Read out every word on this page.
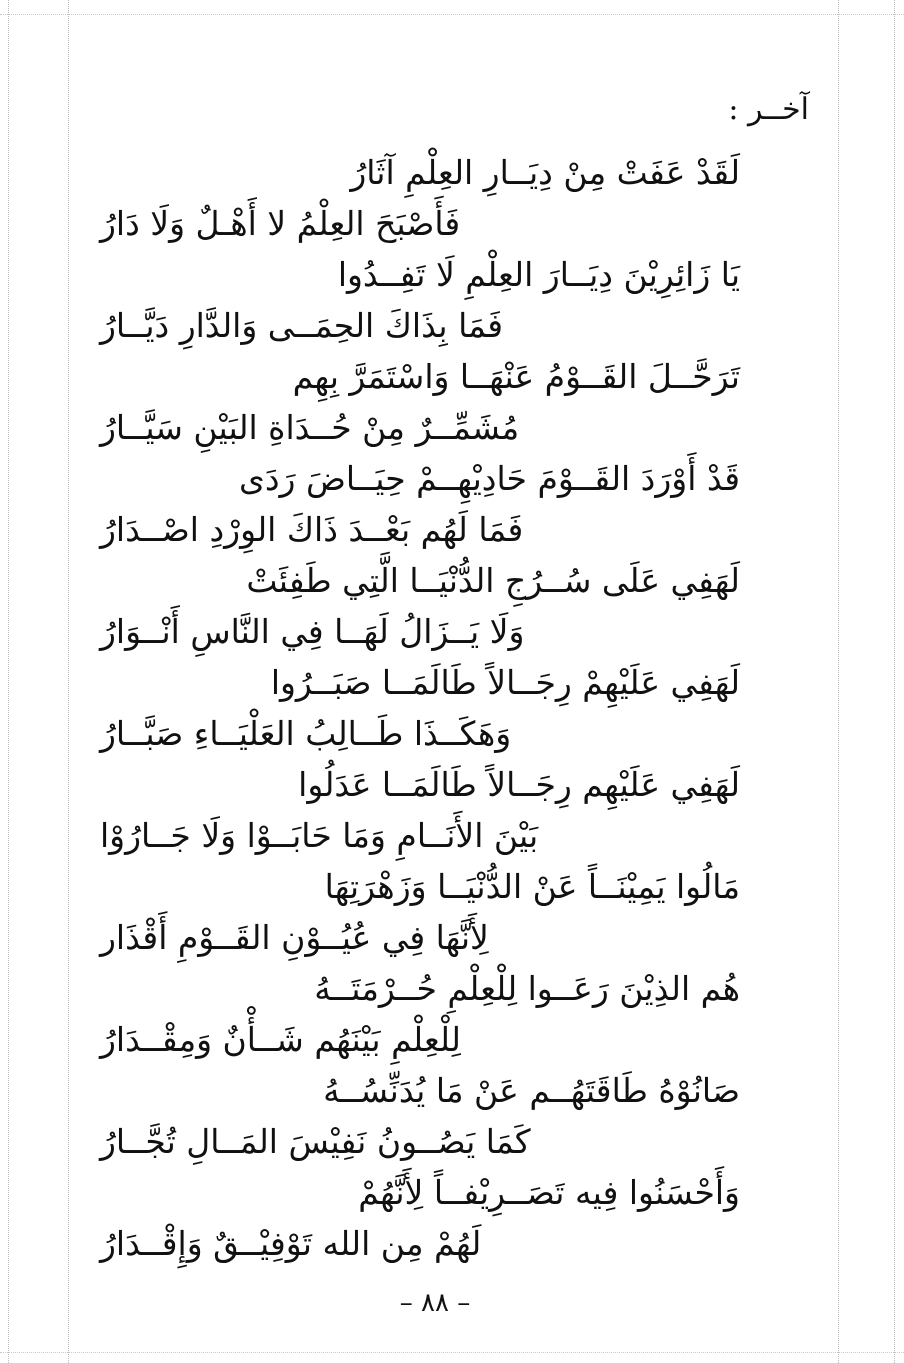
آخــر :
لَقَدْ عَفَتْ مِنْ دِيَــارِ العِلْمِ آثَارُ
فَأَصْبَحَ العِلْمُ لا أَهْـلٌ وَلَا دَارُ
يَا زَائِرِيْنَ دِيَــارَ العِلْمِ لَا تَفِــدُوا
فَمَا بِذَاكَ الحِمَــى وَالدَّارِ دَيَّــارُ
تَرَحَّــلَ القَــوْمُ عَنْهَــا وَاسْتَمَرَّ بِهِم
مُشَمِّــرٌ مِنْ حُــدَاةِ البَيْنِ سَيَّــارُ
قَدْ أَوْرَدَ القَــوْمَ حَادِيْهِــمْ حِيَــاضَ رَدَى
فَمَا لَهُم بَعْــدَ ذَاكَ الوِرْدِ اصْــدَارُ
لَهَفِي عَلَى سُــرُجِ الدُّنْيَــا الَّتِي طَفِئَتْ
وَلَا يَــزَالُ لَهَــا فِي النَّاسِ أَنْــوَارُ
لَهَفِي عَلَيْهِمْ رِجَــالاً طَالَمَــا صَبَــرُوا
وَهَكَــذَا طَــالِبُ العَلْيَــاءِ صَبَّــارُ
لَهَفِي عَلَيْهِم رِجَــالاً طَالَمَــا عَدَلُوا
بَيْنَ الأَنَــامِ وَمَا حَابَــوْا وَلَا جَــارُوْا
مَالُوا يَمِيْنَــاً عَنْ الدُّنْيَــا وَزَهْرَتِهَا
لِأَنَّهَا فِي عُيُــوْنِ القَــوْمِ أَقْذَار
هُم الذِيْنَ رَعَــوا لِلْعِلْمِ حُــرْمَتَــهُ
لِلْعِلْمِ بَيْنَهُم شَــأْنٌ وَمِقْــدَارُ
صَانُوْهُ طَاقَتَهُــم عَنْ مَا يُدَنِّسُــهُ
كَمَا يَصُــونُ نَفِيْسَ المَــالِ تُجَّــارُ
وَأَحْسَنُوا فِيه تَصَــرِيْفــاً لِأَنَّهُمْ
لَهُمْ مِن الله تَوْفِيْــقٌ وَإِقْــدَارُ
– ٨٨ –
